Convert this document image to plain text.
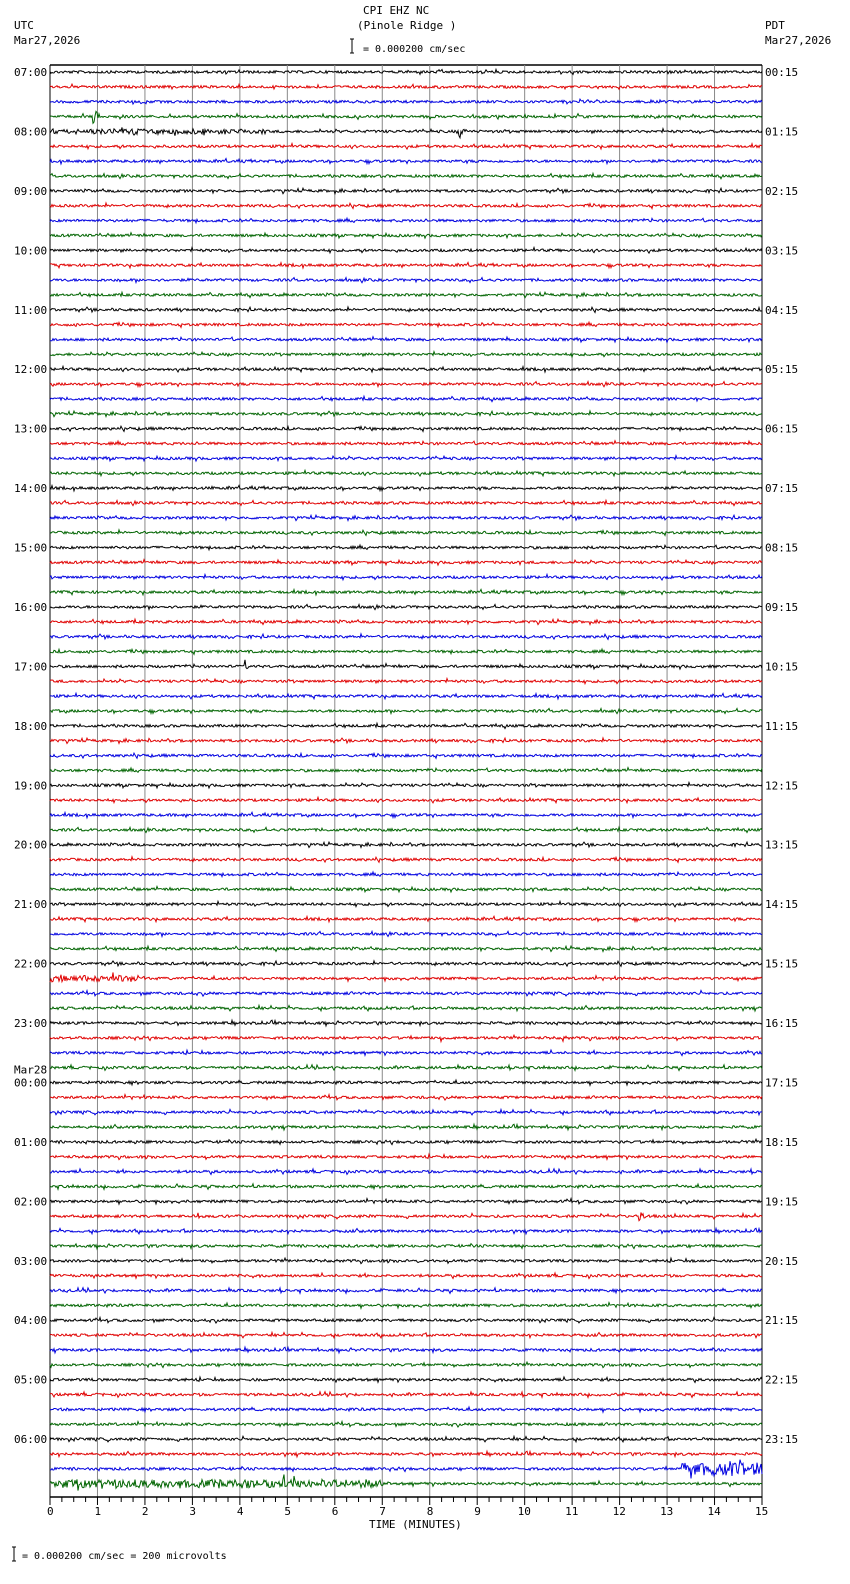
CPI EHZ NC
(Pinole Ridge )
UTC
Mar27,2026
PDT
Mar27,2026
= 0.000200 cm/sec
TIME (MINUTES)
= 0.000200 cm/sec = 200 microvolts
0	1	2	3	4	5	6	7	8	9	10	11	12	13	14	15
07:00
08:00
09:00
10:00
11:00
12:00
13:00
14:00
15:00
16:00
17:00
18:00
19:00
20:00
21:00
22:00
23:00
00:00
Mar28
01:00
02:00
03:00
04:00
05:00
06:00
00:15
01:15
02:15
03:15
04:15
05:15
06:15
07:15
08:15
09:15
10:15
11:15
12:15
13:15
14:15
15:15
16:15
17:15
18:15
19:15
20:15
21:15
22:15
23:15
